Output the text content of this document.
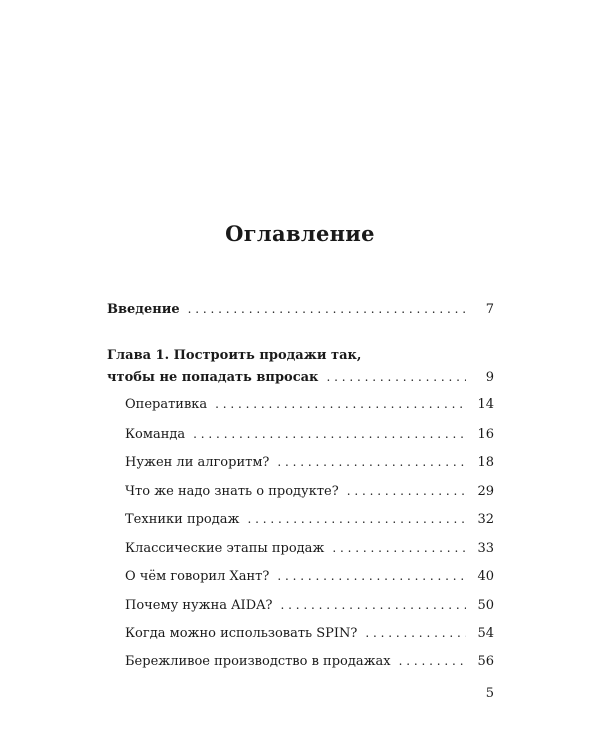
Оглавление
Введение . . .	7
Глава 1. Построить продажи так,
чтобы не попадать впросак . . .	9
Оперативка . . .	14
Команда . . .	16
Нужен ли алгоритм? . . .	18
Что же надо знать о продукте? . . .	29
Техники продаж . . .	32
Классические этапы продаж . . .	33
О чём говорил Хант? . . .	40
Почему нужна AIDA? . . .	50
Когда можно использовать SPIN? . . .	54
Бережливое производство в продажах . . .	56
5
